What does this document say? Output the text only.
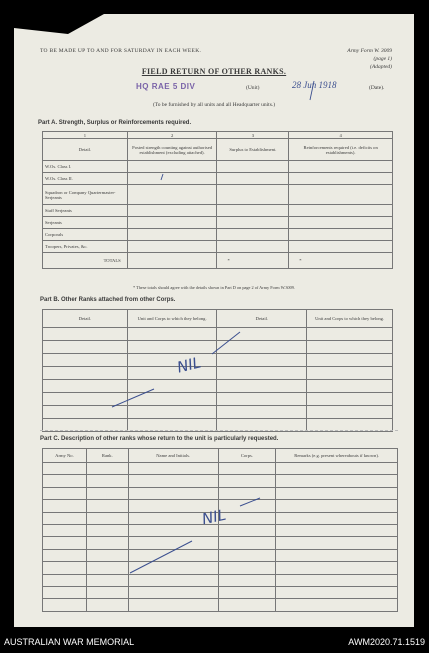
TO BE MADE UP TO AND FOR SATURDAY IN EACH WEEK.	Army Form W. 3009
(page 1)
(Adapted)
FIELD RETURN OF OTHER RANKS.
HQ RAE 5 DIV	(Unit)	28 Jun 1918	(Date).
(To be furnished by all units and all Headquarter units.)
Part A. Strength, Surplus or Reinforcements required.
1	2	3	4
Detail.	Posted strength counting against authorised establishment (excluding attached).	Surplus to Establishment.	Reinforcements required (i.e. deficits on establishments).
W.Os. Class I.			
W.Os. Class II.			
Squadron or Company Quartermaster-Serjeants			
Staff Serjeants			
Serjeants			
Corporals			
Troopers, Privates, &c.			
TOTALS		*	*
* These totals should agree with the details shown in Part D on page 2 of Army Form W.3009.
Part B. Other Ranks attached from other Corps.
Detail.	Unit and Corps to which they belong.	Detail.	Unit and Corps to which they belong.

NIL
Part C. Description of other ranks whose return to the unit is particularly requested.
Army No.	Rank.	Name and Initials.	Corps.	Remarks (e.g. present whereabouts if known).

NIL
AUSTRALIAN WAR MEMORIAL	AWM2020.71.1519
